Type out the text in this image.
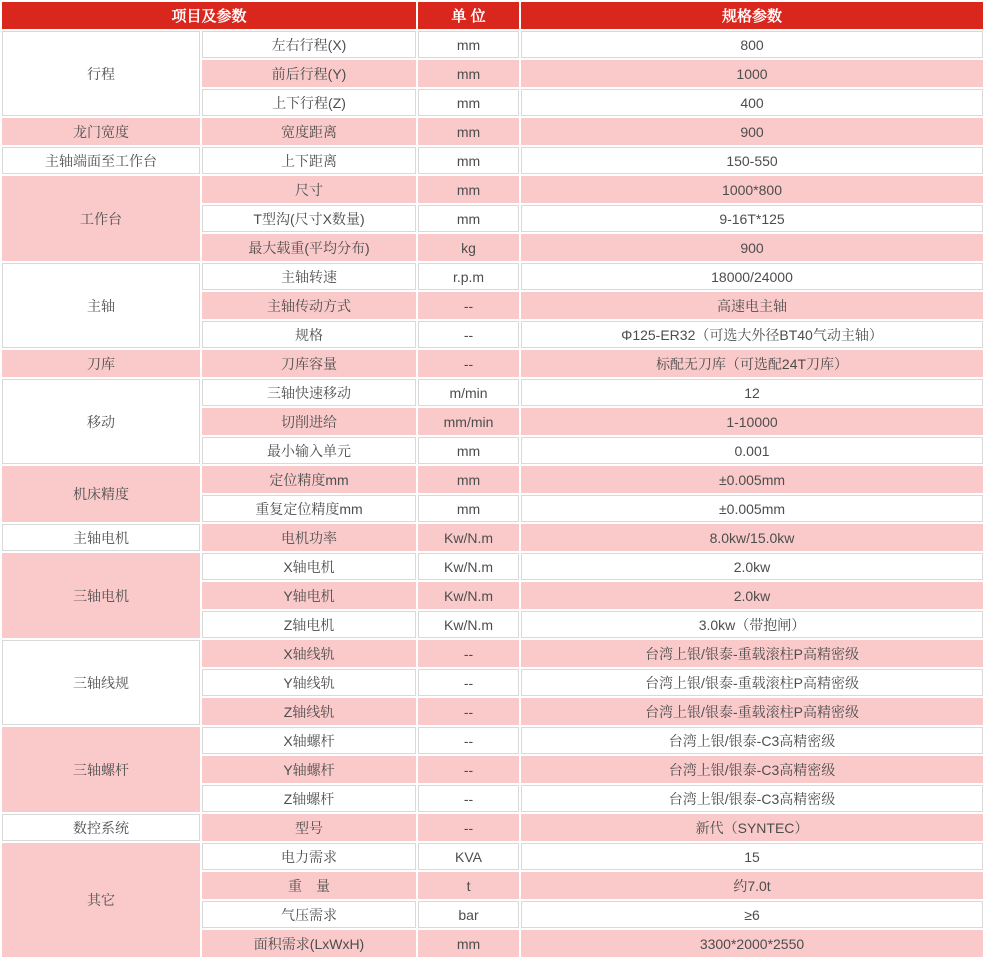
项目及参数		单 位	规格参数
行程	左右行程(X)	mm	800
	前后行程(Y)	mm	1000
	上下行程(Z)	mm	400
龙门宽度	宽度距离	mm	900
主轴端面至工作台	上下距离	mm	150-550
工作台	尺寸	mm	1000*800
	T型沟(尺寸X数量)	mm	9-16T*125
	最大载重(平均分布)	kg	900
主轴	主轴转速	r.p.m	18000/24000
	主轴传动方式	--	高速电主轴
	规格	--	Φ125-ER32（可选大外径BT40气动主轴）
刀库	刀库容量	--	标配无刀库（可选配24T刀库）
移动	三轴快速移动	m/min	12
	切削进给	mm/min	1-10000
	最小输入单元	mm	0.001
机床精度	定位精度mm	mm	±0.005mm
	重复定位精度mm	mm	±0.005mm
主轴电机	电机功率	Kw/N.m	8.0kw/15.0kw
三轴电机	X轴电机	Kw/N.m	2.0kw
	Y轴电机	Kw/N.m	2.0kw
	Z轴电机	Kw/N.m	3.0kw（带抱闸）
三轴线规	X轴线轨	--	台湾上银/银泰-重载滚柱P高精密级
	Y轴线轨	--	台湾上银/银泰-重载滚柱P高精密级
	Z轴线轨	--	台湾上银/银泰-重载滚柱P高精密级
三轴螺杆	X轴螺杆	--	台湾上银/银泰-C3高精密级
	Y轴螺杆	--	台湾上银/银泰-C3高精密级
	Z轴螺杆	--	台湾上银/银泰-C3高精密级
数控系统	型号	--	新代（SYNTEC）
其它	电力需求	KVA	15
	重　量	t	约7.0t
	气压需求	bar	≥6
	面积需求(LxWxH)	mm	3300*2000*2550
